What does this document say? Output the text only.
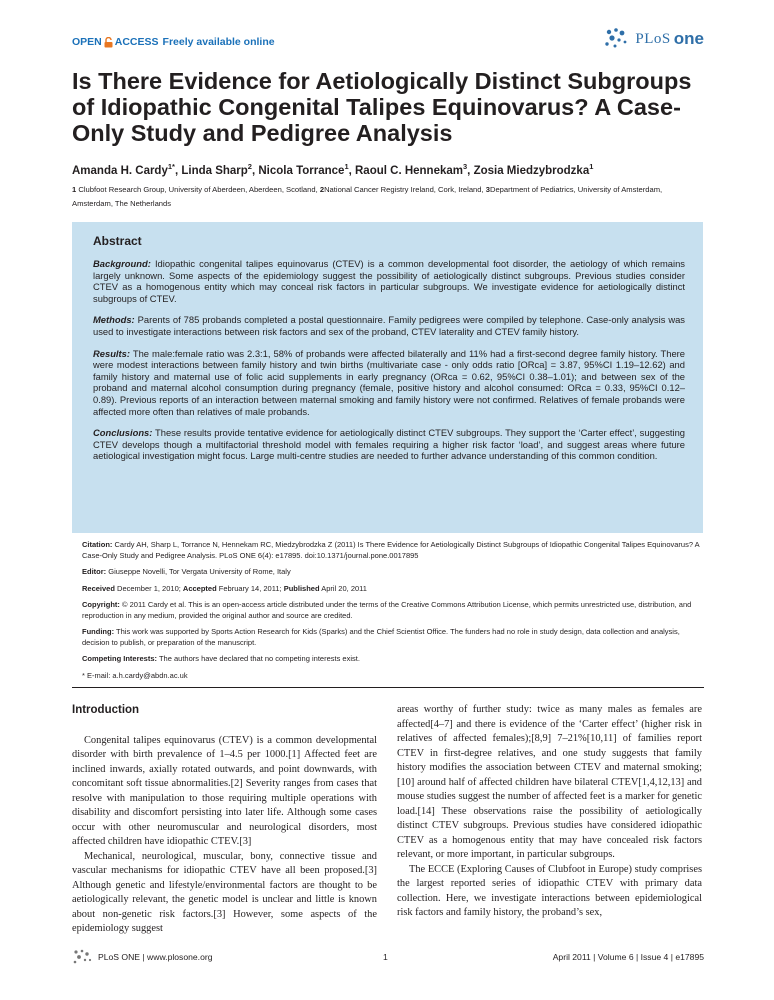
OPEN ACCESS Freely available online	PLoS one
Is There Evidence for Aetiologically Distinct Subgroups of Idiopathic Congenital Talipes Equinovarus? A Case-Only Study and Pedigree Analysis
Amanda H. Cardy$^{1*}$, Linda Sharp$^2$, Nicola Torrance$^1$, Raoul C. Hennekam$^3$, Zosia Miedzybrodzka$^1$
1 Clubfoot Research Group, University of Aberdeen, Aberdeen, Scotland, 2National Cancer Registry Ireland, Cork, Ireland, 3Department of Pediatrics, University of Amsterdam, Amsterdam, The Netherlands
Abstract

Background: Idiopathic congenital talipes equinovarus (CTEV) is a common developmental foot disorder, the aetiology of which remains largely unknown. Some aspects of the epidemiology suggest the possibility of aetiologically distinct subgroups. Previous studies consider CTEV as a homogenous entity which may conceal risk factors in particular subgroups. We investigate evidence for aetiologically distinct subgroups of CTEV.

Methods: Parents of 785 probands completed a postal questionnaire. Family pedigrees were compiled by telephone. Case-only analysis was used to investigate interactions between risk factors and sex of the proband, CTEV laterality and CTEV family history.

Results: The male:female ratio was 2.3:1, 58% of probands were affected bilaterally and 11% had a first-second degree family history. There were modest interactions between family history and twin births (multivariate case - only odds ratio [ORca] = 3.87, 95%CI 1.19–12.62) and family history and maternal use of folic acid supplements in early pregnancy (ORca = 0.62, 95%CI 0.38–1.01); and between sex of the proband and maternal alcohol consumption during pregnancy (female, positive history and alcohol consumed: ORca = 0.33, 95%CI 0.12–0.89). Previous reports of an interaction between maternal smoking and family history were not confirmed. Relatives of female probands were affected more often than relatives of male probands.

Conclusions: These results provide tentative evidence for aetiologically distinct CTEV subgroups. They support the ‘Carter effect’, suggesting CTEV develops though a multifactorial threshold model with females requiring a higher risk factor ‘load’, and suggest areas where future aetiological investigation might focus. Large multi-centre studies are needed to further advance understanding of this common condition.

Citation: Cardy AH, Sharp L, Torrance N, Hennekam RC, Miedzybrodzka Z (2011) Is There Evidence for Aetiologically Distinct Subgroups of Idiopathic Congenital Talipes Equinovarus? A Case-Only Study and Pedigree Analysis. PLoS ONE 6(4): e17895. doi:10.1371/journal.pone.0017895

Editor: Giuseppe Novelli, Tor Vergata University of Rome, Italy

Received December 1, 2010; Accepted February 14, 2011; Published April 20, 2011

Copyright: © 2011 Cardy et al. This is an open-access article distributed under the terms of the Creative Commons Attribution License, which permits unrestricted use, distribution, and reproduction in any medium, provided the original author and source are credited.

Funding: This work was supported by Sports Action Research for Kids (Sparks) and the Chief Scientist Office. The funders had no role in study design, data collection and analysis, decision to publish, or preparation of the manuscript.

Competing Interests: The authors have declared that no competing interests exist.

* E-mail: a.h.cardy@abdn.ac.uk

Introduction

Congenital talipes equinovarus (CTEV) is a common developmental disorder with birth prevalence of 1–4.5 per 1000.[1] Affected feet are inclined inwards, axially rotated outwards, and point downwards, with concomitant soft tissue abnormalities.[2] Severity ranges from cases that resolve with manipulation to those requiring multiple operations with disability and discomfort persisting into later life. Although some cases occur with other neuromuscular and neurological disorders, most affected children have idiopathic CTEV.[3]

Mechanical, neurological, muscular, bony, connective tissue and vascular mechanisms for idiopathic CTEV have all been proposed.[3] Although genetic and lifestyle/environmental factors are thought to be aetiologically relevant, the genetic model is unclear and little is known about non-genetic risk factors.[3] However, some aspects of the epidemiology suggest

areas worthy of further study: twice as many males as females are affected[4–7] and there is evidence of the ‘Carter effect’ (higher risk in relatives of affected females);[8,9] 7–21%[10,11] of families report CTEV in first-degree relatives, and one study suggests that family history modifies the association between CTEV and maternal smoking;[10] around half of affected children have bilateral CTEV[1,4,12,13] and mouse studies suggest the number of affected feet is a marker for genetic load.[14] These observations raise the possibility of aetiologically distinct CTEV subgroups. Previous studies have considered idiopathic CTEV as a homogenous entity that may have concealed risk factors relevant, or more important, in particular subgroups.

The ECCE (Exploring Causes of Clubfoot in Europe) study comprises the largest reported series of idiopathic CTEV with primary data collection. Here, we investigate interactions between epidemiological risk factors and family history, the proband’s sex,

PLoS ONE | www.plosone.org	1	April 2011 | Volume 6 | Issue 4 | e17895
